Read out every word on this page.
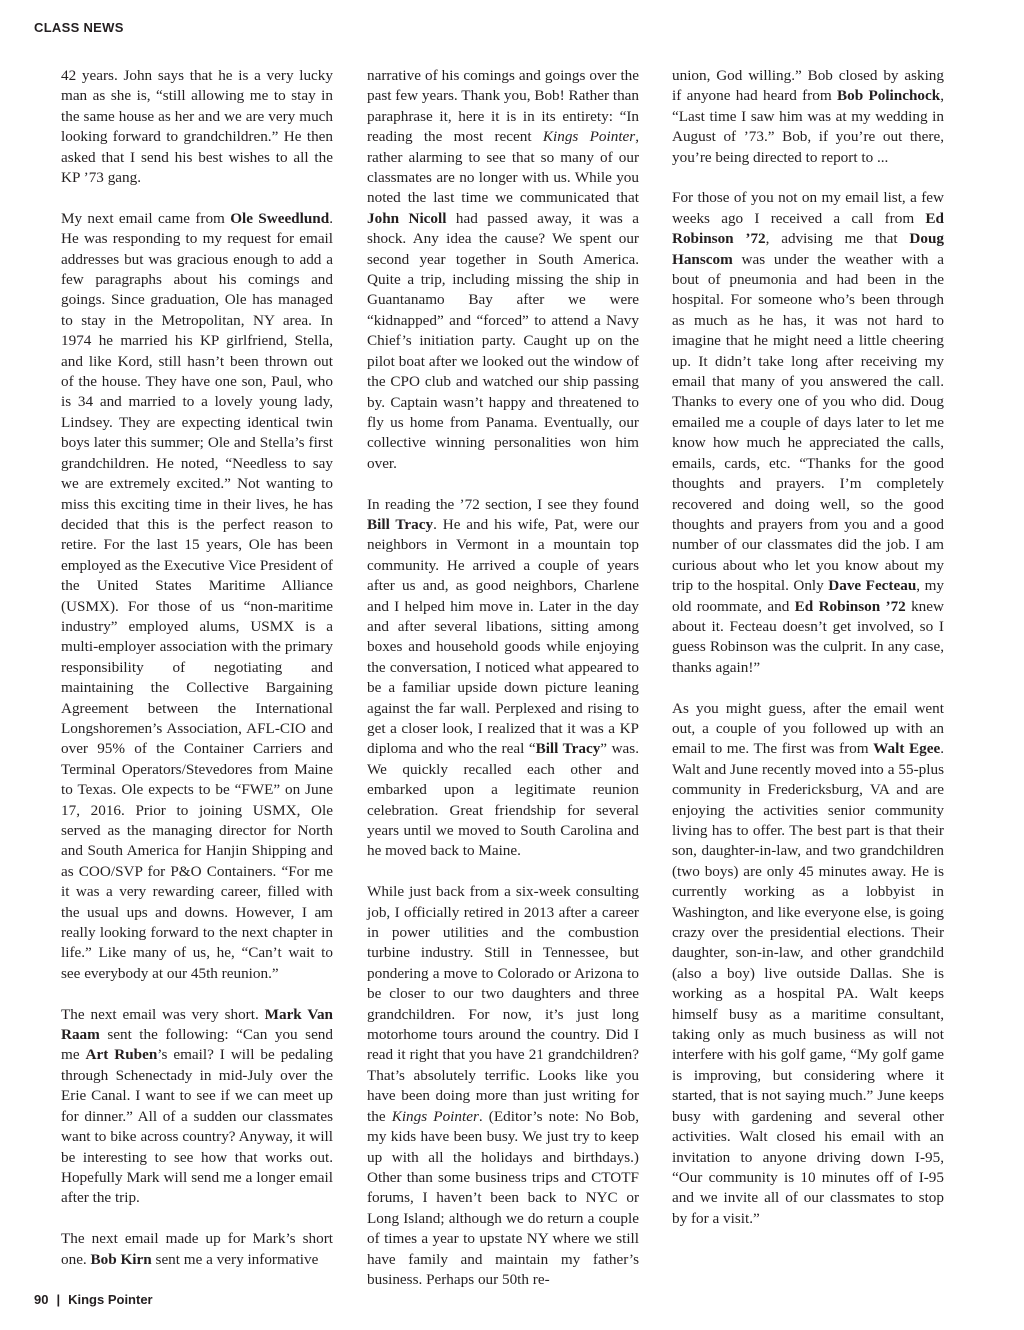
CLASS NEWS

42 years. John says that he is a very lucky man as she is, “still allowing me to stay in the same house as her and we are very much looking forward to grandchildren.” He then asked that I send his best wishes to all the KP ’73 gang.

My next email came from Ole Sweedlund. He was responding to my request for email addresses but was gracious enough to add a few paragraphs about his comings and goings. Since graduation, Ole has managed to stay in the Metropolitan, NY area. In 1974 he married his KP girlfriend, Stella, and like Kord, still hasn’t been thrown out of the house. They have one son, Paul, who is 34 and married to a lovely young lady, Lindsey. They are expecting identical twin boys later this summer; Ole and Stella’s first grandchildren. He noted, “Needless to say we are extremely excited.” Not wanting to miss this exciting time in their lives, he has decided that this is the perfect reason to retire. For the last 15 years, Ole has been employed as the Executive Vice President of the United States Maritime Alliance (USMX). For those of us “non-maritime industry” employed alums, USMX is a multi-employer association with the primary responsibility of negotiating and maintaining the Collective Bargaining Agreement between the International Longshoremen’s Association, AFL-CIO and over 95% of the Container Carriers and Terminal Operators/Stevedores from Maine to Texas. Ole expects to be “FWE” on June 17, 2016. Prior to joining USMX, Ole served as the managing director for North and South America for Hanjin Shipping and as COO/SVP for P&O Containers. “For me it was a very rewarding career, filled with the usual ups and downs. However, I am really looking forward to the next chapter in life.” Like many of us, he, “Can’t wait to see everybody at our 45th reunion.”

The next email was very short. Mark Van Raam sent the following: “Can you send me Art Ruben’s email? I will be pedaling through Schenectady in mid-July over the Erie Canal. I want to see if we can meet up for dinner.” All of a sudden our classmates want to bike across country? Anyway, it will be interesting to see how that works out. Hopefully Mark will send me a longer email after the trip.

The next email made up for Mark’s short one. Bob Kirn sent me a very informative

narrative of his comings and goings over the past few years. Thank you, Bob! Rather than paraphrase it, here it is in its entirety: “In reading the most recent Kings Pointer, rather alarming to see that so many of our classmates are no longer with us. While you noted the last time we communicated that John Nicoll had passed away, it was a shock. Any idea the cause? We spent our second year together in South America. Quite a trip, including missing the ship in Guantanamo Bay after we were “kidnapped” and “forced” to attend a Navy Chief’s initiation party. Caught up on the pilot boat after we looked out the window of the CPO club and watched our ship passing by. Captain wasn’t happy and threatened to fly us home from Panama. Eventually, our collective winning personalities won him over.

In reading the ’72 section, I see they found Bill Tracy. He and his wife, Pat, were our neighbors in Vermont in a mountain top community. He arrived a couple of years after us and, as good neighbors, Charlene and I helped him move in. Later in the day and after several libations, sitting among boxes and household goods while enjoying the conversation, I noticed what appeared to be a familiar upside down picture leaning against the far wall. Perplexed and rising to get a closer look, I realized that it was a KP diploma and who the real “Bill Tracy” was. We quickly recalled each other and embarked upon a legitimate reunion celebration. Great friendship for several years until we moved to South Carolina and he moved back to Maine.

While just back from a six-week consulting job, I officially retired in 2013 after a career in power utilities and the combustion turbine industry. Still in Tennessee, but pondering a move to Colorado or Arizona to be closer to our two daughters and three grandchildren. For now, it’s just long motorhome tours around the country. Did I read it right that you have 21 grandchildren? That’s absolutely terrific. Looks like you have been doing more than just writing for the Kings Pointer. (Editor’s note: No Bob, my kids have been busy. We just try to keep up with all the holidays and birthdays.) Other than some business trips and CTOTF forums, I haven’t been back to NYC or Long Island; although we do return a couple of times a year to upstate NY where we still have family and maintain my father’s business. Perhaps our 50th re-

union, God willing.” Bob closed by asking if anyone had heard from Bob Polinchock, “Last time I saw him was at my wedding in August of ’73.” Bob, if you’re out there, you’re being directed to report to ...

For those of you not on my email list, a few weeks ago I received a call from Ed Robinson ’72, advising me that Doug Hanscom was under the weather with a bout of pneumonia and had been in the hospital. For someone who’s been through as much as he has, it was not hard to imagine that he might need a little cheering up. It didn’t take long after receiving my email that many of you answered the call. Thanks to every one of you who did. Doug emailed me a couple of days later to let me know how much he appreciated the calls, emails, cards, etc. “Thanks for the good thoughts and prayers. I’m completely recovered and doing well, so the good thoughts and prayers from you and a good number of our classmates did the job. I am curious about who let you know about my trip to the hospital. Only Dave Fecteau, my old roommate, and Ed Robinson ’72 knew about it. Fecteau doesn’t get involved, so I guess Robinson was the culprit. In any case, thanks again!”

As you might guess, after the email went out, a couple of you followed up with an email to me. The first was from Walt Egee. Walt and June recently moved into a 55-plus community in Fredericksburg, VA and are enjoying the activities senior community living has to offer. The best part is that their son, daughter-in-law, and two grandchildren (two boys) are only 45 minutes away. He is currently working as a lobbyist in Washington, and like everyone else, is going crazy over the presidential elections. Their daughter, son-in-law, and other grandchild (also a boy) live outside Dallas. She is working as a hospital PA. Walt keeps himself busy as a maritime consultant, taking only as much business as will not interfere with his golf game, “My golf game is improving, but considering where it started, that is not saying much.” June keeps busy with gardening and several other activities. Walt closed his email with an invitation to anyone driving down I-95, “Our community is 10 minutes off of I-95 and we invite all of our classmates to stop by for a visit.”

90 | Kings Pointer
